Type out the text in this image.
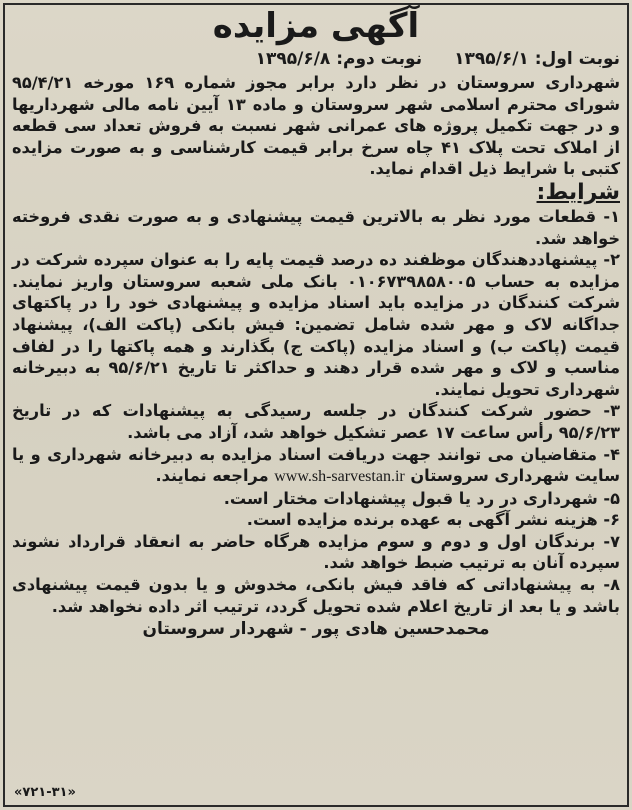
آگهی مزایده
نوبت اول: ۱۳۹۵/۶/۱
نوبت دوم: ۱۳۹۵/۶/۸
شهرداری سروستان در نظر دارد برابر مجوز شماره ۱۶۹ مورخه ۹۵/۴/۲۱ شورای محترم اسلامی شهر سروستان و ماده ۱۳ آیین نامه مالی شهرداریها و در جهت تکمیل پروژه های عمرانی شهر نسبت به فروش تعداد سی قطعه از املاک تحت پلاک ۴۱ چاه سرخ برابر قیمت کارشناسی و به صورت مزایده کتبی با شرایط ذیل اقدام نماید.
شرایط:
۱- قطعات مورد نظر به بالاترین قیمت پیشنهادی و به صورت نقدی فروخته خواهد شد.
۲- پیشنهاددهندگان موظفند ده درصد قیمت پایه را به عنوان سپرده شرکت در مزایده به حساب ۰۱۰۶۷۳۹۸۵۸۰۰۵ بانک ملی شعبه سروستان واریز نمایند. شرکت کنندگان در مزایده باید اسناد مزایده و پیشنهادی خود را در پاکتهای جداگانه لاک و مهر شده شامل تضمین: فیش بانکی (پاکت الف)، پیشنهاد قیمت (پاکت ب) و اسناد مزایده (پاکت ج) بگذارند و همه پاکتها را در لفاف مناسب و لاک و مهر شده قرار دهند و حداکثر تا تاریخ ۹۵/۶/۲۱ به دبیرخانه شهرداری تحویل نمایند.
۳- حضور شرکت کنندگان در جلسه رسیدگی به پیشنهادات که در تاریخ ۹۵/۶/۲۳ رأس ساعت ۱۷ عصر تشکیل خواهد شد، آزاد می باشد.
۴- متقاضیان می توانند جهت دریافت اسناد مزایده به دبیرخانه شهرداری و یا سایت شهرداری سروستان www.sh-sarvestan.ir مراجعه نمایند.
۵- شهرداری در رد یا قبول پیشنهادات مختار است.
۶- هزینه نشر آگهی به عهده برنده مزایده است.
۷- برندگان اول و دوم و سوم مزایده هرگاه حاضر به انعقاد قرارداد نشوند سپرده آنان به ترتیب ضبط خواهد شد.
۸- به پیشنهاداتی که فاقد فیش بانکی، مخدوش و یا بدون قیمت پیشنهادی باشد و یا بعد از تاریخ اعلام شده تحویل گردد، ترتیب اثر داده نخواهد شد.
محمدحسین هادی پور - شهردار سروستان
«۷۲۱-۳۱»
